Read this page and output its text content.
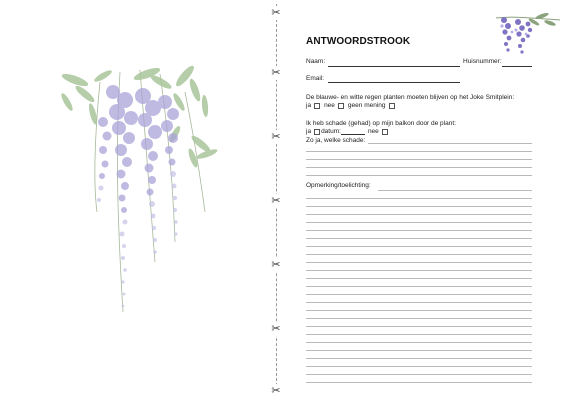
✂
✂
✂
✂
✂
✂
✂
ANTWOORDSTROOK
Naam:	Huisnummer:
Email:
De blauwe- en witte regen planten moeten blijven op het Joke Smitplein:
ja nee geen mening
Ik heb schade (gehad) op mijn balkon door de plant:
ja datum:	nee
Zo ja, welke schade:
Opmerking/toelichting:
